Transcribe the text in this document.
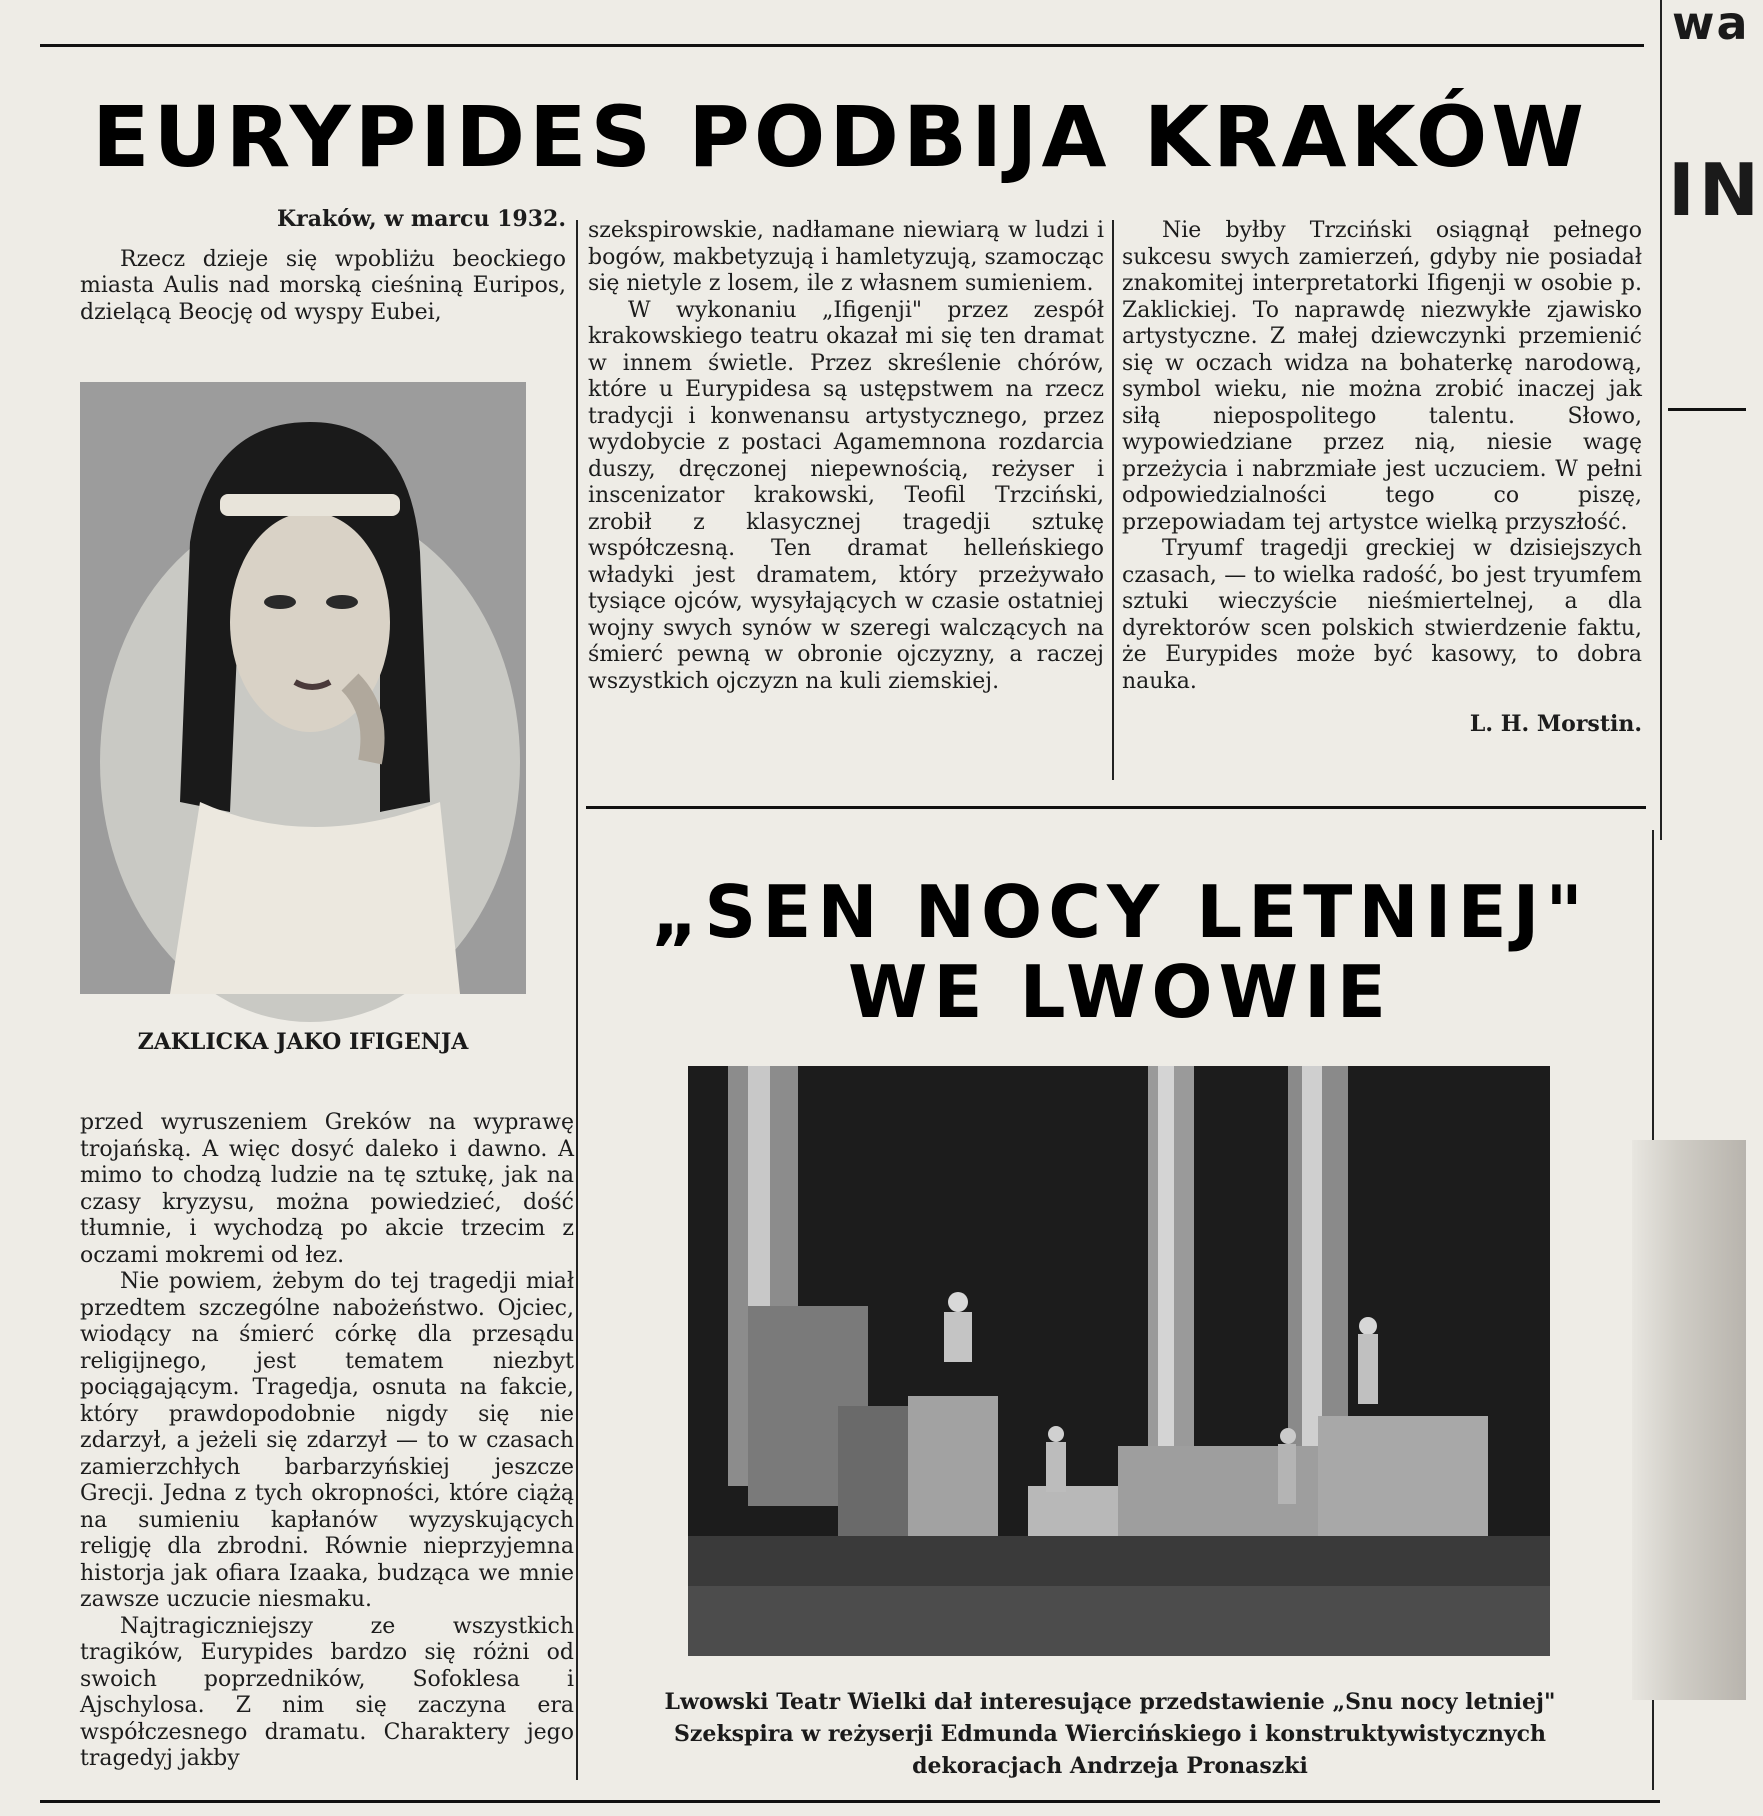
wa
IN
EURYPIDES PODBIJA KRAKÓW
Kraków, w marcu 1932.

Rzecz dzieje się wpobliżu beockiego miasta Aulis nad morską cieśniną Euripos, dzielącą Beocję od wyspy Eubei,

ZAKLICKA JAKO IFIGENJA

przed wyruszeniem Greków na wyprawę trojańską. A więc dosyć daleko i dawno. A mimo to chodzą ludzie na tę sztukę, jak na czasy kryzysu, można powiedzieć, dość tłumnie, i wychodzą po akcie trzecim z oczami mokremi od łez.

Nie powiem, żebym do tej tragedji miał przedtem szczególne nabożeństwo. Ojciec, wiodący na śmierć córkę dla przesądu religijnego, jest tematem niezbyt pociągającym. Tragedja, osnuta na fakcie, który prawdopodobnie nigdy się nie zdarzył, a jeżeli się zdarzył — to w czasach zamierzchłych barbarzyńskiej jeszcze Grecji. Jedna z tych okropności, które ciążą na sumieniu kapłanów wyzyskujących religję dla zbrodni. Równie nieprzyjemna historja jak ofiara Izaaka, budząca we mnie zawsze uczucie niesmaku.

Najtragiczniejszy ze wszystkich tragików, Eurypides bardzo się różni od swoich poprzedników, Sofoklesa i Ajschylosa. Z nim się zaczyna era współczesnego dramatu. Charaktery jego tragedyj jakby

szekspirowskie, nadłamane niewiarą w ludzi i bogów, makbetyzują i hamletyzują, szamocząc się nietyle z losem, ile z własnem sumieniem.

W wykonaniu „Ifigenji" przez zespół krakowskiego teatru okazał mi się ten dramat w innem świetle. Przez skreślenie chórów, które u Eurypidesa są ustępstwem na rzecz tradycji i konwenansu artystycznego, przez wydobycie z postaci Agamemnona rozdarcia duszy, dręczonej niepewnością, reżyser i inscenizator krakowski, Teofil Trzciński, zrobił z klasycznej tragedji sztukę współczesną. Ten dramat helleńskiego władyki jest dramatem, który przeżywało tysiące ojców, wysyłających w czasie ostatniej wojny swych synów w szeregi walczących na śmierć pewną w obronie ojczyzny, a raczej wszystkich ojczyzn na kuli ziemskiej.

Nie byłby Trzciński osiągnął pełnego sukcesu swych zamierzeń, gdyby nie posiadał znakomitej interpretatorki Ifigenji w osobie p. Zaklickiej. To naprawdę niezwykłe zjawisko artystyczne. Z małej dziewczynki przemienić się w oczach widza na bohaterkę narodową, symbol wieku, nie można zrobić inaczej jak siłą niepospolitego talentu. Słowo, wypowiedziane przez nią, niesie wagę przeżycia i nabrzmiałe jest uczuciem. W pełni odpowiedzialności tego co piszę, przepowiadam tej artystce wielką przyszłość.

Tryumf tragedji greckiej w dzisiejszych czasach, — to wielka radość, bo jest tryumfem sztuki wieczyście nieśmiertelnej, a dla dyrektorów scen polskich stwierdzenie faktu, że Eurypides może być kasowy, to dobra nauka.

L. H. Morstin.
„SEN NOCY LETNIEJ"
WE LWOWIE
Lwowski Teatr Wielki dał interesujące przedstawienie „Snu nocy letniej" Szekspira w reżyserji Edmunda Wiercińskiego i konstruktywistycznych dekoracjach Andrzeja Pronaszki
